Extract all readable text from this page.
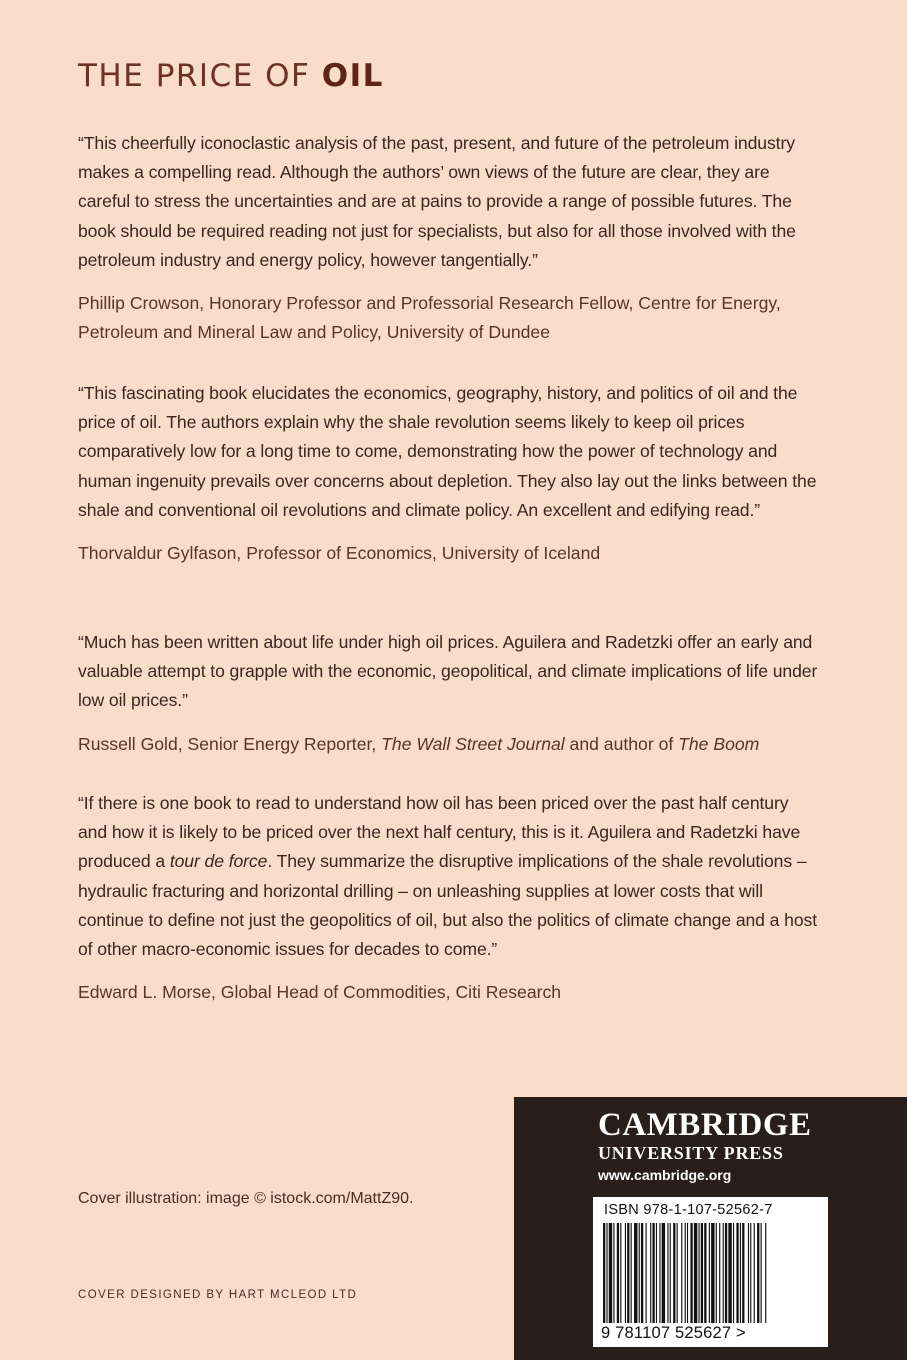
THE PRICE OF OIL

“This cheerfully iconoclastic analysis of the past, present, and future of the petroleum industry makes a compelling read. Although the authors’ own views of the future are clear, they are careful to stress the uncertainties and are at pains to provide a range of possible futures. The book should be required reading not just for specialists, but also for all those involved with the petroleum industry and energy policy, however tangentially.”

Phillip Crowson, Honorary Professor and Professorial Research Fellow, Centre for Energy, Petroleum and Mineral Law and Policy, University of Dundee

“This fascinating book elucidates the economics, geography, history, and politics of oil and the price of oil. The authors explain why the shale revolution seems likely to keep oil prices comparatively low for a long time to come, demonstrating how the power of technology and human ingenuity prevails over concerns about depletion. They also lay out the links between the shale and conventional oil revolutions and climate policy. An excellent and edifying read.”

Thorvaldur Gylfason, Professor of Economics, University of Iceland

“Much has been written about life under high oil prices. Aguilera and Radetzki offer an early and valuable attempt to grapple with the economic, geopolitical, and climate implications of life under low oil prices.”

Russell Gold, Senior Energy Reporter, The Wall Street Journal and author of The Boom

“If there is one book to read to understand how oil has been priced over the past half century and how it is likely to be priced over the next half century, this is it. Aguilera and Radetzki have produced a tour de force. They summarize the disruptive implications of the shale revolutions – hydraulic fracturing and horizontal drilling – on unleashing supplies at lower costs that will continue to define not just the geopolitics of oil, but also the politics of climate change and a host of other macro-economic issues for decades to come.”

Edward L. Morse, Global Head of Commodities, Citi Research

Cover illustration: image © istock.com/MattZ90.
COVER DESIGNED BY HART MCLEOD LTD
CAMBRIDGE
UNIVERSITY PRESS
www.cambridge.org
ISBN 978-1-107-52562-7
9 781107 525627 >
